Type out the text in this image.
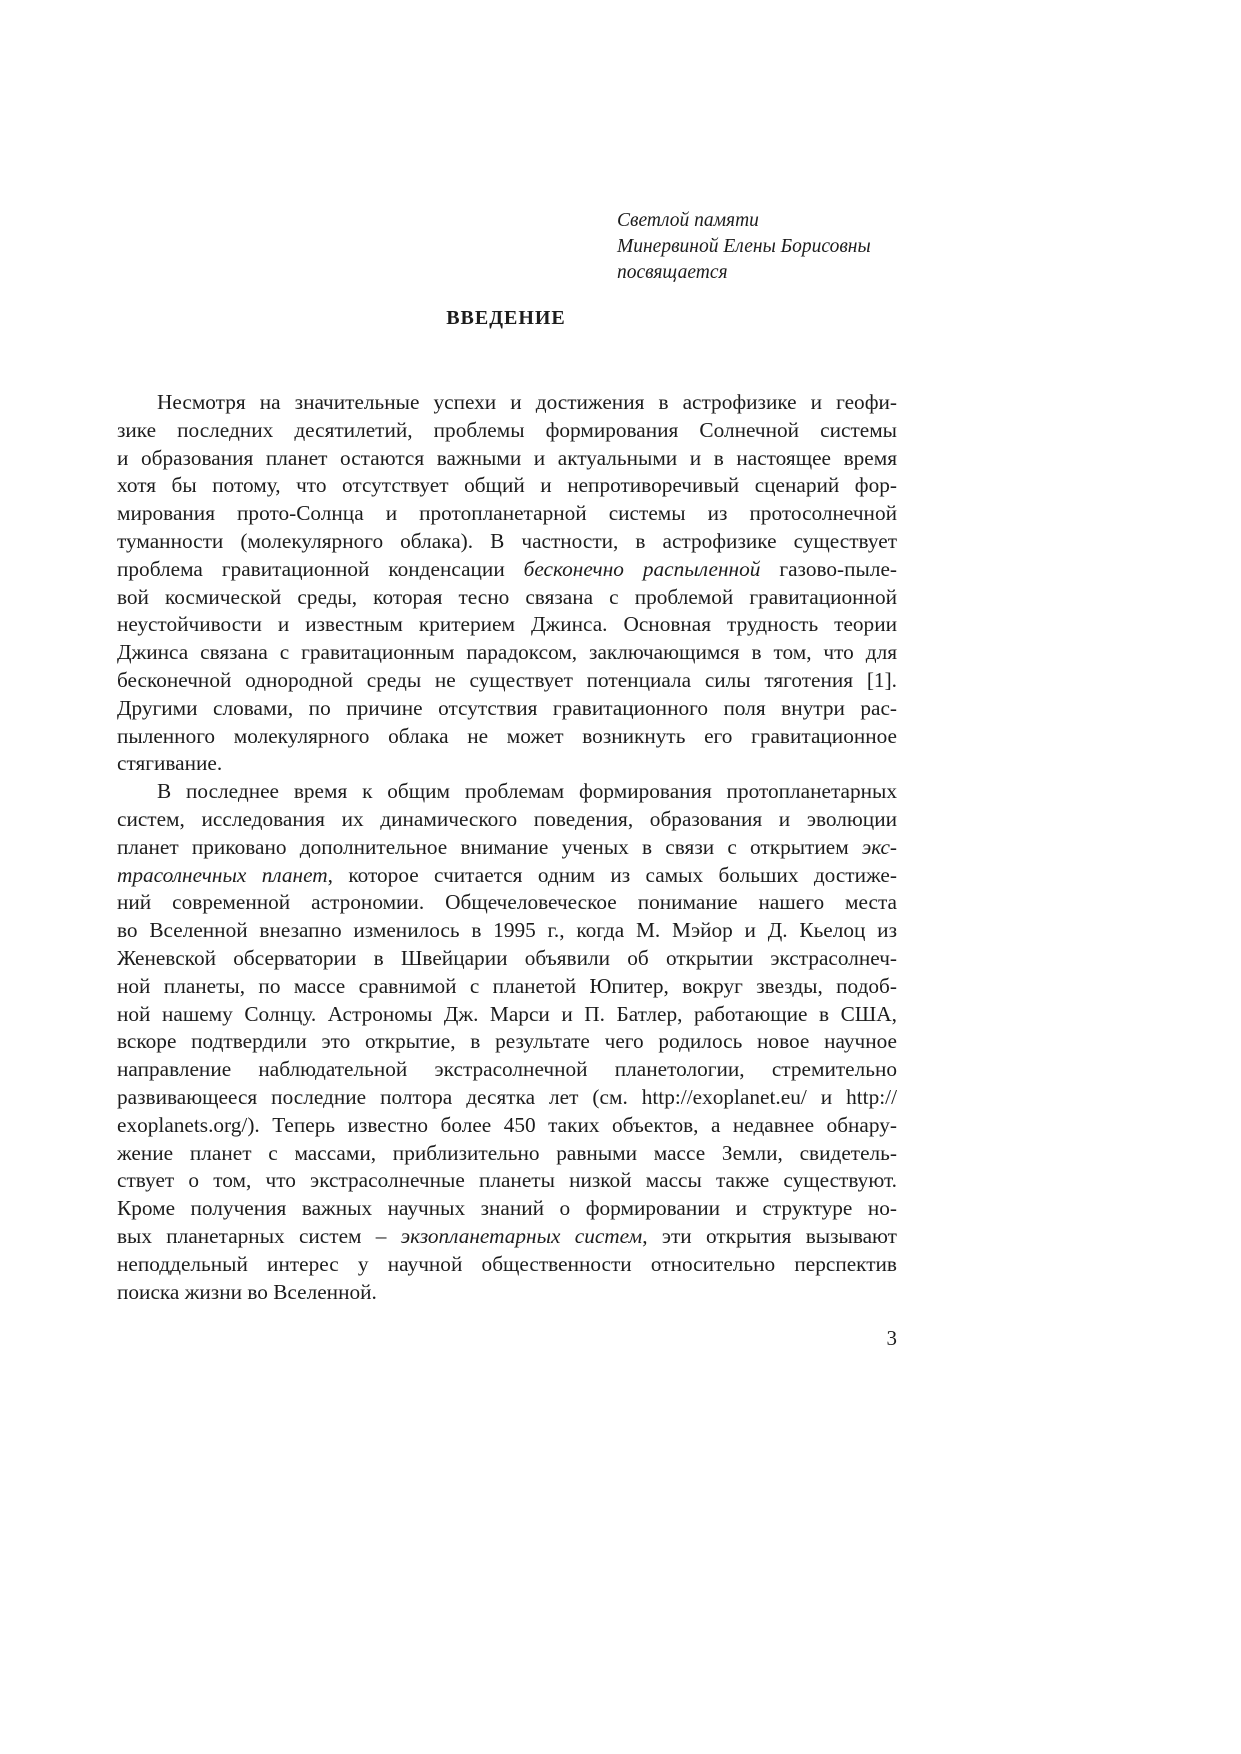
Светлой памяти
Минервиной Елены Борисовны
посвящается
ВВЕДЕНИЕ
Несмотря на значительные успехи и достижения в астрофизике и геофи-
зике последних десятилетий, проблемы формирования Солнечной системы
и образования планет остаются важными и актуальными и в настоящее время
хотя бы потому, что отсутствует общий и непротиворечивый сценарий фор-
мирования прото-Солнца и протопланетарной системы из протосолнечной
туманности (молекулярного облака). В частности, в астрофизике существует
проблема гравитационной конденсации бесконечно распыленной газово-пыле-
вой космической среды, которая тесно связана с проблемой гравитационной
неустойчивости и известным критерием Джинса. Основная трудность теории
Джинса связана с гравитационным парадоксом, заключающимся в том, что для
бесконечной однородной среды не существует потенциала силы тяготения [1].
Другими словами, по причине отсутствия гравитационного поля внутри рас-
пыленного молекулярного облака не может возникнуть его гравитационное
стягивание.
В последнее время к общим проблемам формирования протопланетарных
систем, исследования их динамического поведения, образования и эволюции
планет приковано дополнительное внимание ученых в связи с открытием экс-
трасолнечных планет, которое считается одним из самых больших достиже-
ний современной астрономии. Общечеловеческое понимание нашего места
во Вселенной внезапно изменилось в 1995 г., когда М. Мэйор и Д. Кьелоц из
Женевской обсерватории в Швейцарии объявили об открытии экстрасолнеч-
ной планеты, по массе сравнимой с планетой Юпитер, вокруг звезды, подоб-
ной нашему Солнцу. Астрономы Дж. Марси и П. Батлер, работающие в США,
вскоре подтвердили это открытие, в результате чего родилось новое научное
направление наблюдательной экстрасолнечной планетологии, стремительно
развивающееся последние полтора десятка лет (см. http://exoplanet.eu/ и http://
exoplanets.org/). Теперь известно более 450 таких объектов, а недавнее обнару-
жение планет с массами, приблизительно равными массе Земли, свидетель-
ствует о том, что экстрасолнечные планеты низкой массы также существуют.
Кроме получения важных научных знаний о формировании и структуре но-
вых планетарных систем – экзопланетарных систем, эти открытия вызывают
неподдельный интерес у научной общественности относительно перспектив
поиска жизни во Вселенной.
3
